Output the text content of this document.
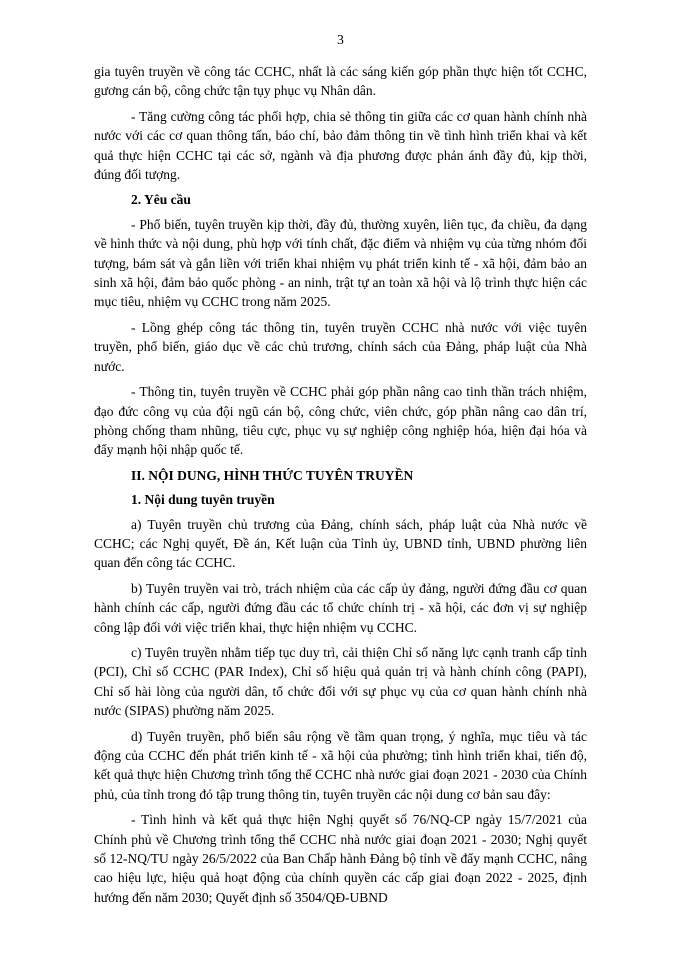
3

gia tuyên truyền về công tác CCHC, nhất là các sáng kiến góp phần thực hiện tốt CCHC, gương cán bộ, công chức tận tụy phục vụ Nhân dân.

- Tăng cường công tác phối hợp, chia sẻ thông tin giữa các cơ quan hành chính nhà nước với các cơ quan thông tấn, báo chí, bảo đảm thông tin về tình hình triển khai và kết quả thực hiện CCHC tại các sở, ngành và địa phương được phản ánh đầy đủ, kịp thời, đúng đối tượng.

2. Yêu cầu

- Phổ biến, tuyên truyền kịp thời, đầy đủ, thường xuyên, liên tục, đa chiều, đa dạng về hình thức và nội dung, phù hợp với tính chất, đặc điểm và nhiệm vụ của từng nhóm đối tượng, bám sát và gắn liền với triển khai nhiệm vụ phát triển kinh tế - xã hội, đảm bảo an sinh xã hội, đảm bảo quốc phòng - an ninh, trật tự an toàn xã hội và lộ trình thực hiện các mục tiêu, nhiệm vụ CCHC trong năm 2025.

- Lồng ghép công tác thông tin, tuyên truyền CCHC nhà nước với việc tuyên truyền, phổ biến, giáo dục về các chủ trương, chính sách của Đảng, pháp luật của Nhà nước.

- Thông tin, tuyên truyền về CCHC phải góp phần nâng cao tinh thần trách nhiệm, đạo đức công vụ của đội ngũ cán bộ, công chức, viên chức, góp phần nâng cao dân trí, phòng chống tham nhũng, tiêu cực, phục vụ sự nghiệp công nghiệp hóa, hiện đại hóa và đẩy mạnh hội nhập quốc tế.

II. NỘI DUNG, HÌNH THỨC TUYÊN TRUYỀN
1. Nội dung tuyên truyền

a) Tuyên truyền chủ trương của Đảng, chính sách, pháp luật của Nhà nước về CCHC; các Nghị quyết, Đề án, Kết luận của Tỉnh ủy, UBND tỉnh, UBND phường liên quan đến công tác CCHC.

b) Tuyên truyền vai trò, trách nhiệm của các cấp ủy đảng, người đứng đầu cơ quan hành chính các cấp, người đứng đầu các tổ chức chính trị - xã hội, các đơn vị sự nghiệp công lập đối với việc triển khai, thực hiện nhiệm vụ CCHC.

c) Tuyên truyền nhằm tiếp tục duy trì, cải thiện Chỉ số năng lực cạnh tranh cấp tỉnh (PCI), Chỉ số CCHC (PAR Index), Chỉ số hiệu quả quản trị và hành chính công (PAPI), Chỉ số hài lòng của người dân, tổ chức đối với sự phục vụ của cơ quan hành chính nhà nước (SIPAS) phường năm 2025.

d) Tuyên truyền, phổ biến sâu rộng về tầm quan trọng, ý nghĩa, mục tiêu và tác động của CCHC đến phát triển kinh tế - xã hội của phường; tình hình triển khai, tiến độ, kết quả thực hiện Chương trình tổng thể CCHC nhà nước giai đoạn 2021 - 2030 của Chính phủ, của tỉnh trong đó tập trung thông tin, tuyên truyền các nội dung cơ bản sau đây:

- Tình hình và kết quả thực hiện Nghị quyết số 76/NQ-CP ngày 15/7/2021 của Chính phủ về Chương trình tổng thể CCHC nhà nước giai đoạn 2021 - 2030; Nghị quyết số 12-NQ/TU ngày 26/5/2022 của Ban Chấp hành Đảng bộ tỉnh về đẩy mạnh CCHC, nâng cao hiệu lực, hiệu quả hoạt động của chính quyền các cấp giai đoạn 2022 - 2025, định hướng đến năm 2030; Quyết định số 3504/QĐ-UBND
